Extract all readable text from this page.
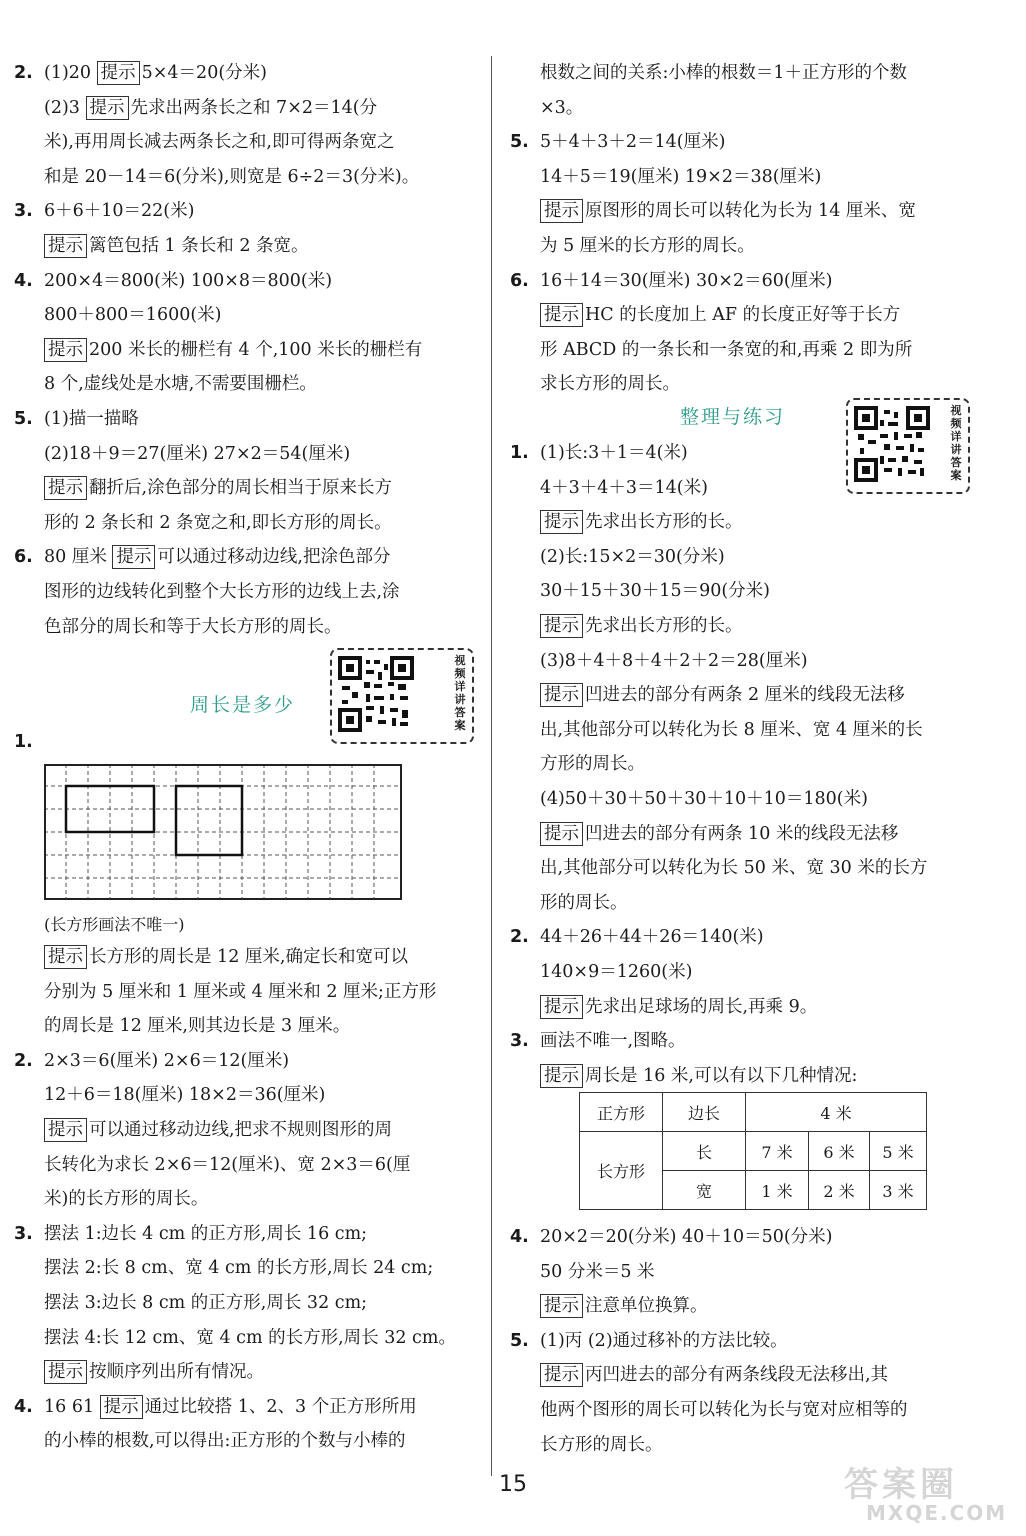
2. (1)20 提示 5×4＝20(分米)
(2)3 提示 先求出两条长之和 7×2＝14(分
米),再用周长减去两条长之和,即可得两条宽之
和是 20－14＝6(分米),则宽是 6÷2＝3(分米)。
3. 6＋6＋10＝22(米)
提示 篱笆包括 1 条长和 2 条宽。
4. 200×4＝800(米) 100×8＝800(米)
800＋800＝1600(米)
提示 200 米长的栅栏有 4 个,100 米长的栅栏有
8 个,虚线处是水塘,不需要围栅栏。
5. (1)描一描略
(2)18＋9＝27(厘米) 27×2＝54(厘米)
提示 翻折后,涂色部分的周长相当于原来长方
形的 2 条长和 2 条宽之和,即长方形的周长。
6. 80 厘米 提示 可以通过移动边线,把涂色部分
图形的边线转化到整个大长方形的边线上去,涂
色部分的周长和等于大长方形的周长。
周长是多少
视频详讲答案
1.
(长方形画法不唯一)
提示 长方形的周长是 12 厘米,确定长和宽可以
分别为 5 厘米和 1 厘米或 4 厘米和 2 厘米;正方形
的周长是 12 厘米,则其边长是 3 厘米。
2. 2×3＝6(厘米) 2×6＝12(厘米)
12＋6＝18(厘米) 18×2＝36(厘米)
提示 可以通过移动边线,把求不规则图形的周
长转化为求长 2×6＝12(厘米)、宽 2×3＝6(厘
米)的长方形的周长。
3. 摆法 1:边长 4 cm 的正方形,周长 16 cm;
摆法 2:长 8 cm、宽 4 cm 的长方形,周长 24 cm;
摆法 3:边长 8 cm 的正方形,周长 32 cm;
摆法 4:长 12 cm、宽 4 cm 的长方形,周长 32 cm。
提示 按顺序列出所有情况。
4. 16 61 提示 通过比较搭 1、2、3 个正方形所用
的小棒的根数,可以得出:正方形的个数与小棒的
根数之间的关系:小棒的根数＝1＋正方形的个数
×3。
5. 5＋4＋3＋2＝14(厘米)
14＋5＝19(厘米) 19×2＝38(厘米)
提示 原图形的周长可以转化为长为 14 厘米、宽
为 5 厘米的长方形的周长。
6. 16＋14＝30(厘米) 30×2＝60(厘米)
提示 HC 的长度加上 AF 的长度正好等于长方
形 ABCD 的一条长和一条宽的和,再乘 2 即为所
求长方形的周长。
整理与练习	视频详讲答案
1. (1)长:3＋1＝4(米)
4＋3＋4＋3＝14(米)
提示 先求出长方形的长。
(2)长:15×2＝30(分米)
30＋15＋30＋15＝90(分米)
提示 先求出长方形的长。
(3)8＋4＋8＋4＋2＋2＝28(厘米)
提示 凹进去的部分有两条 2 厘米的线段无法移
出,其他部分可以转化为长 8 厘米、宽 4 厘米的长
方形的周长。
(4)50＋30＋50＋30＋10＋10＝180(米)
提示 凹进去的部分有两条 10 米的线段无法移
出,其他部分可以转化为长 50 米、宽 30 米的长方
形的周长。
2. 44＋26＋44＋26＝140(米)
140×9＝1260(米)
提示 先求出足球场的周长,再乘 9。
3. 画法不唯一,图略。
提示 周长是 16 米,可以有以下几种情况:
正方形	边长	4 米		
长方形	长	7 米	6 米	5 米
	宽	1 米	2 米	3 米
4. 20×2＝20(分米) 40＋10＝50(分米)
50 分米＝5 米
提示 注意单位换算。
5. (1)丙 (2)通过移补的方法比较。
提示 丙凹进去的部分有两条线段无法移出,其
他两个图形的周长可以转化为长与宽对应相等的
长方形的周长。
15	答案圈
MXQE.COM
